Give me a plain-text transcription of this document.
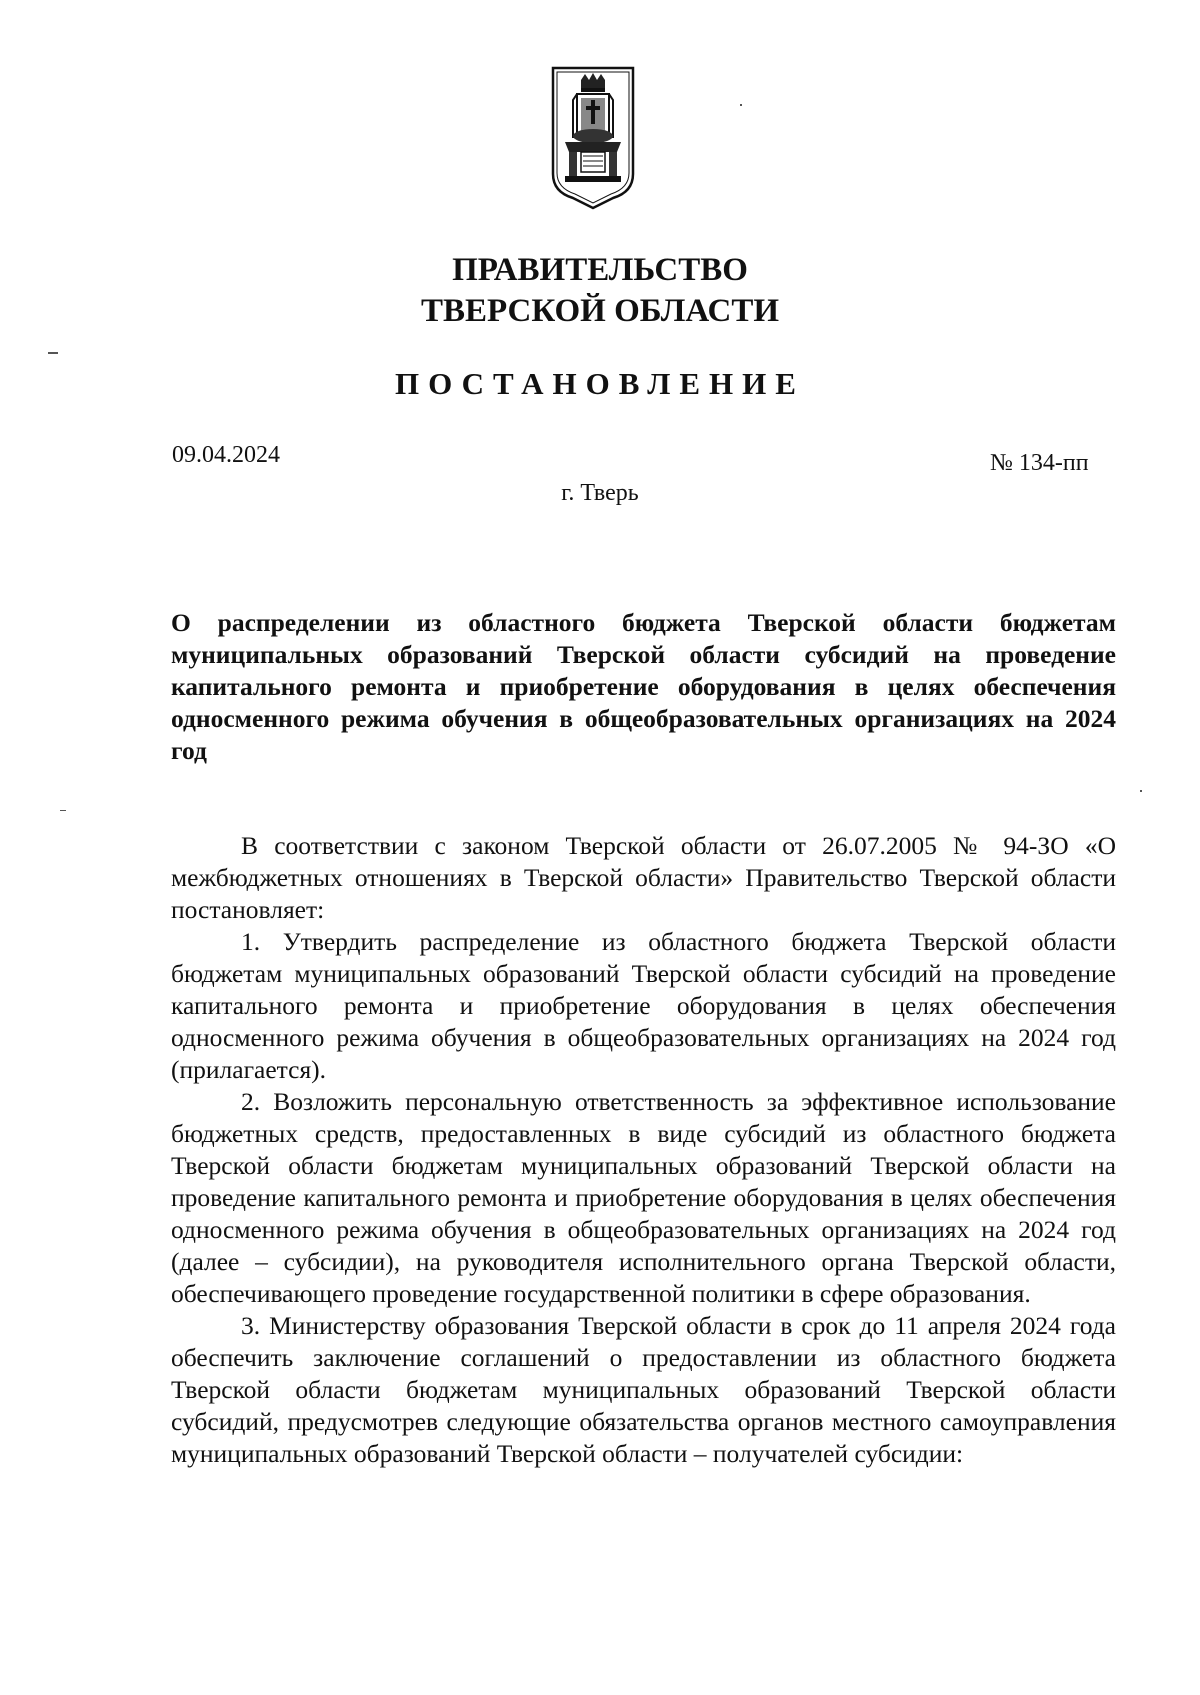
ПРАВИТЕЛЬСТВО
ТВЕРСКОЙ ОБЛАСТИ
ПОСТАНОВЛЕНИЕ
09.04.2024	№ 134-пп
г. Тверь
О распределении из областного бюджета Тверской области бюджетам муниципальных образований Тверской области субсидий на проведение капитального ремонта и приобретение оборудования в целях обеспечения односменного режима обучения в общеобразовательных организациях на 2024 год

В соответствии с законом Тверской области от 26.07.2005 № 94-ЗО «О межбюджетных отношениях в Тверской области» Правительство Тверской области постановляет:

1. Утвердить распределение из областного бюджета Тверской области бюджетам муниципальных образований Тверской области субсидий на проведение капитального ремонта и приобретение оборудования в целях обеспечения односменного режима обучения в общеобразовательных организациях на 2024 год (прилагается).

2. Возложить персональную ответственность за эффективное использование бюджетных средств, предоставленных в виде субсидий из областного бюджета Тверской области бюджетам муниципальных образований Тверской области на проведение капитального ремонта и приобретение оборудования в целях обеспечения односменного режима обучения в общеобразовательных организациях на 2024 год (далее – субсидии), на руководителя исполнительного органа Тверской области, обеспечивающего проведение государственной политики в сфере образования.

3. Министерству образования Тверской области в срок до 11 апреля 2024 года обеспечить заключение соглашений о предоставлении из областного бюджета Тверской области бюджетам муниципальных образований Тверской области субсидий, предусмотрев следующие обязательства органов местного самоуправления муниципальных образований Тверской области – получателей субсидии:
